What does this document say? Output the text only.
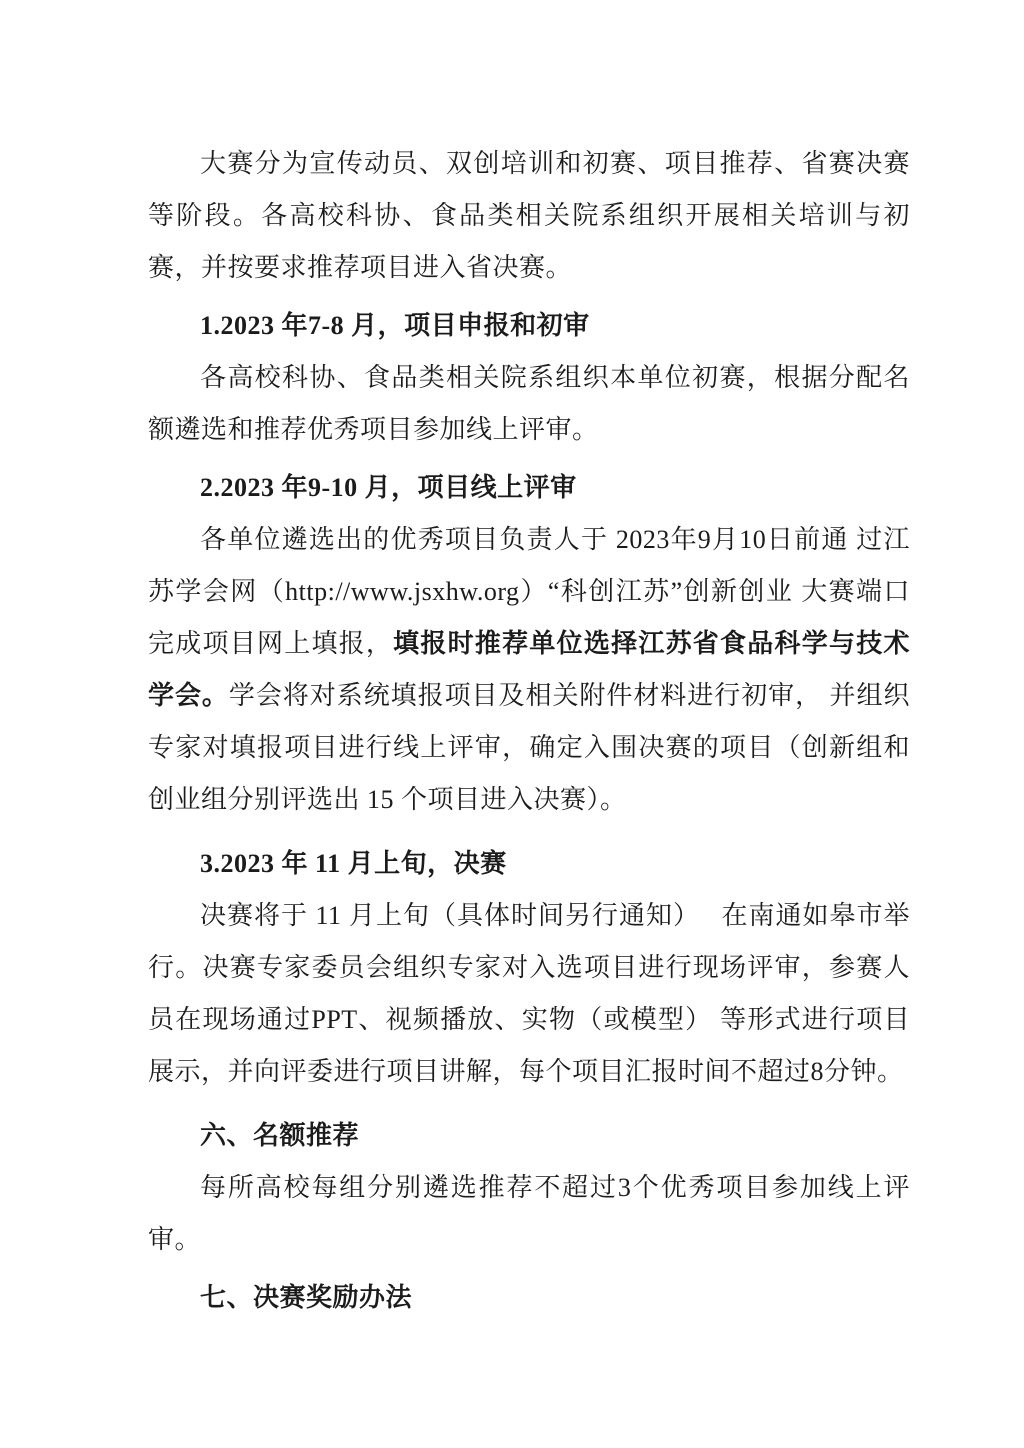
大赛分为宣传动员、双创培训和初赛、项目推荐、省赛决赛等阶段。各高校科协、食品类相关院系组织开展相关培训与初赛，并按要求推荐项目进入省决赛。

1.2023 年7-8 月，项目申报和初审

各高校科协、食品类相关院系组织本单位初赛，根据分配名额遴选和推荐优秀项目参加线上评审。

2.2023 年9-10 月，项目线上评审

各单位遴选出的优秀项目负责人于 2023年9月10日前通 过江苏学会网（http://www.jsxhw.org）“科创江苏”创新创业 大赛端口完成项目网上填报，填报时推荐单位选择江苏省食品科学与技术学会。学会将对系统填报项目及相关附件材料进行初审， 并组织专家对填报项目进行线上评审，确定入围决赛的项目（创新组和创业组分别评选出 15 个项目进入决赛）。

3.2023 年 11 月上旬，决赛

决赛将于 11 月上旬（具体时间另行通知）　 在南通如皋市举行。决赛专家委员会组织专家对入选项目进行现场评审，参赛人员在现场通过PPT、视频播放、实物（或模型） 等形式进行项目 展示，并向评委进行项目讲解，每个项目汇报时间不超过8分钟。

六、名额推荐

每所高校每组分别遴选推荐不超过3个优秀项目参加线上评审。

七、决赛奖励办法
